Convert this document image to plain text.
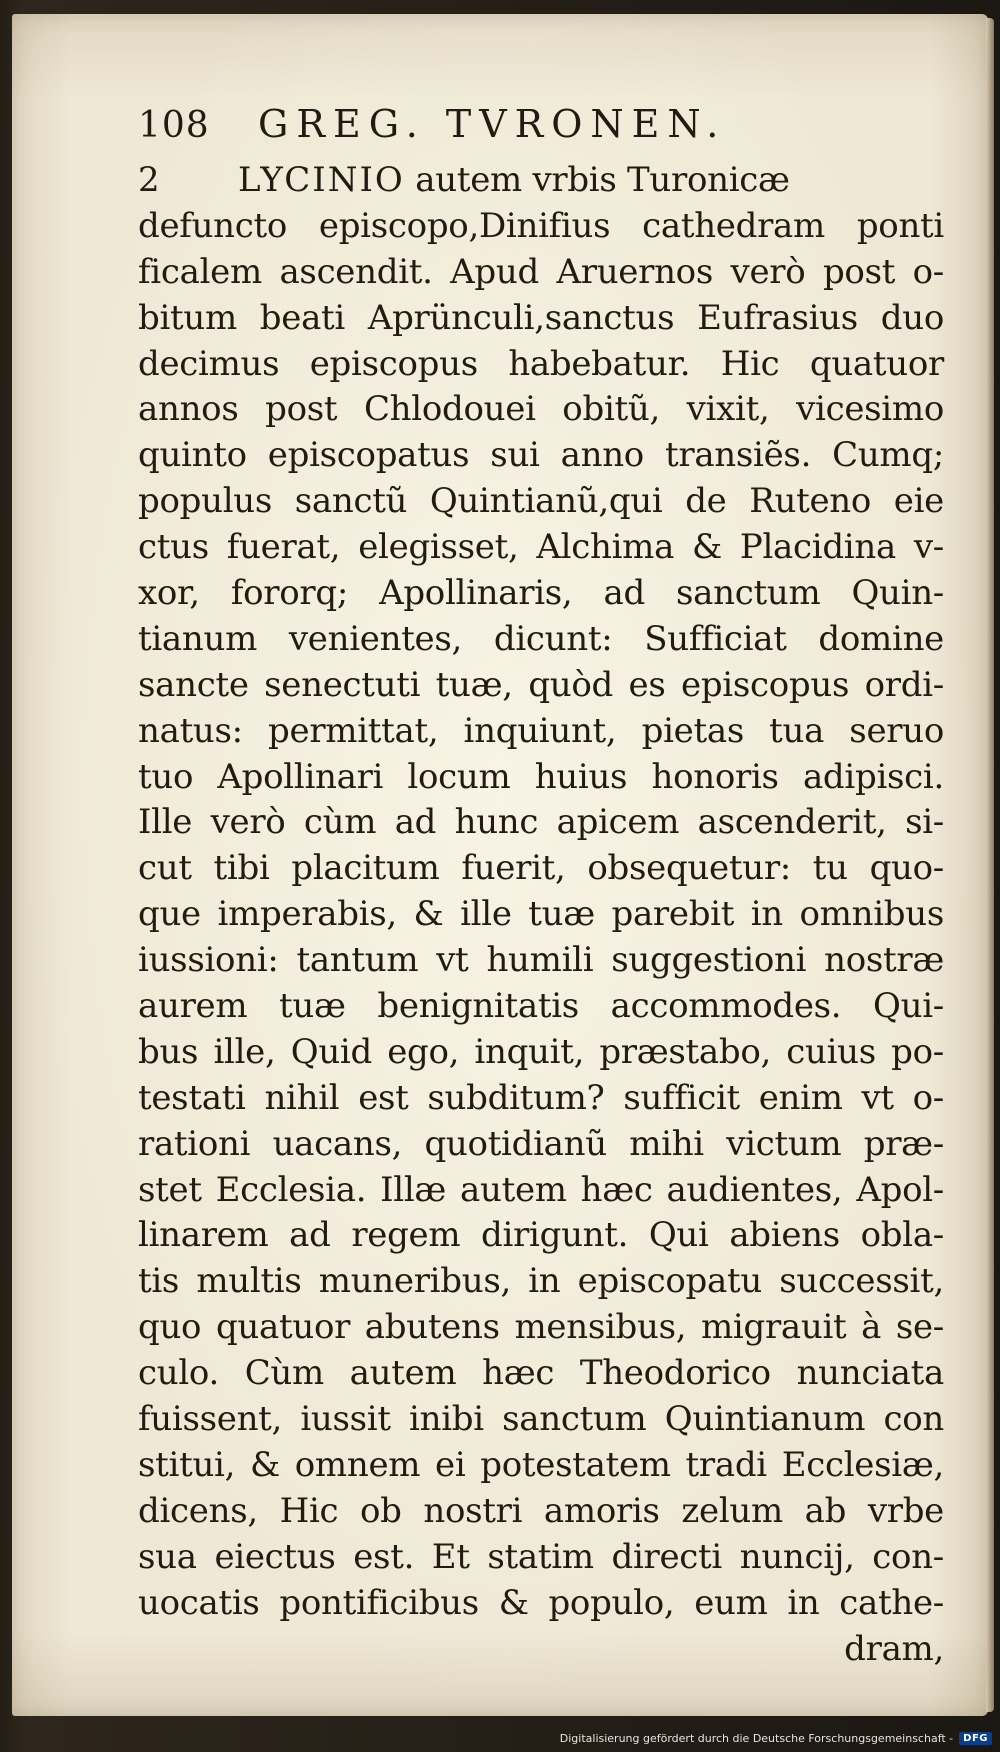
108	GREG. TVRONEN.
2 LYCINIO autem vrbis Turonicæ
defuncto episcopo,Dinifius cathedram ponti
ficalem ascendit. Apud Aruernos verò post o-
bitum beati Aprünculi,sanctus Eufrasius duo
decimus episcopus habebatur. Hic quatuor
annos post Chlodouei obitũ, vixit, vicesimo
quinto episcopatus sui anno transiẽs. Cumq;
populus sanctũ Quintianũ,qui de Ruteno eie
ctus fuerat, elegisset, Alchima & Placidina v-
xor, fororq; Apollinaris, ad sanctum Quin-
tianum venientes, dicunt: Sufficiat domine
sancte senectuti tuæ, quòd es episcopus ordi-
natus: permittat, inquiunt, pietas tua seruo
tuo Apollinari locum huius honoris adipisci.
Ille verò cùm ad hunc apicem ascenderit, si-
cut tibi placitum fuerit, obsequetur: tu quo-
que imperabis, & ille tuæ parebit in omnibus
iussioni: tantum vt humili suggestioni nostræ
aurem tuæ benignitatis accommodes. Qui-
bus ille, Quid ego, inquit, præstabo, cuius po-
testati nihil est subditum? sufficit enim vt o-
rationi uacans, quotidianũ mihi victum præ-
stet Ecclesia. Illæ autem hæc audientes, Apol-
linarem ad regem dirigunt. Qui abiens obla-
tis multis muneribus, in episcopatu successit,
quo quatuor abutens mensibus, migrauit à se-
culo. Cùm autem hæc Theodorico nunciata
fuissent, iussit inibi sanctum Quintianum con
stitui, & omnem ei potestatem tradi Ecclesiæ,
dicens, Hic ob nostri amoris zelum ab vrbe
sua eiectus est. Et statim directi nuncij, con-
uocatis pontificibus & populo, eum in cathe-
dram,
Digitalisierung gefördert durch die Deutsche Forschungsgemeinschaft -	DFG
